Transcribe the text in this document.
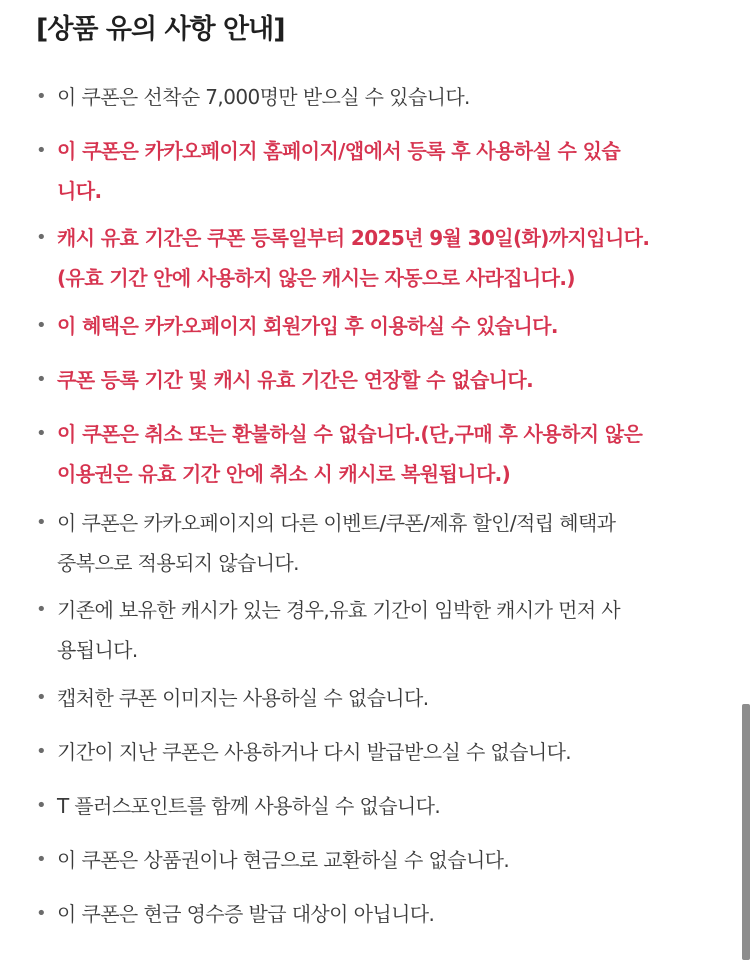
[상품 유의 사항 안내]
• 이 쿠폰은 선착순 7,000명만 받으실 수 있습니다.
• 이 쿠폰은 카카오페이지 홈페이지/앱에서 등록 후 사용하실 수 있습
니다.
• 캐시 유효 기간은 쿠폰 등록일부터 2025년 9월 30일(화)까지입니다.
(유효 기간 안에 사용하지 않은 캐시는 자동으로 사라집니다.)
• 이 혜택은 카카오페이지 회원가입 후 이용하실 수 있습니다.
• 쿠폰 등록 기간 및 캐시 유효 기간은 연장할 수 없습니다.
• 이 쿠폰은 취소 또는 환불하실 수 없습니다.(단,구매 후 사용하지 않은
이용권은 유효 기간 안에 취소 시 캐시로 복원됩니다.)
• 이 쿠폰은 카카오페이지의 다른 이벤트/쿠폰/제휴 할인/적립 혜택과
중복으로 적용되지 않습니다.
• 기존에 보유한 캐시가 있는 경우,유효 기간이 임박한 캐시가 먼저 사
용됩니다.
• 캡처한 쿠폰 이미지는 사용하실 수 없습니다.
• 기간이 지난 쿠폰은 사용하거나 다시 발급받으실 수 없습니다.
• T 플러스포인트를 함께 사용하실 수 없습니다.
• 이 쿠폰은 상품권이나 현금으로 교환하실 수 없습니다.
• 이 쿠폰은 현금 영수증 발급 대상이 아닙니다.
